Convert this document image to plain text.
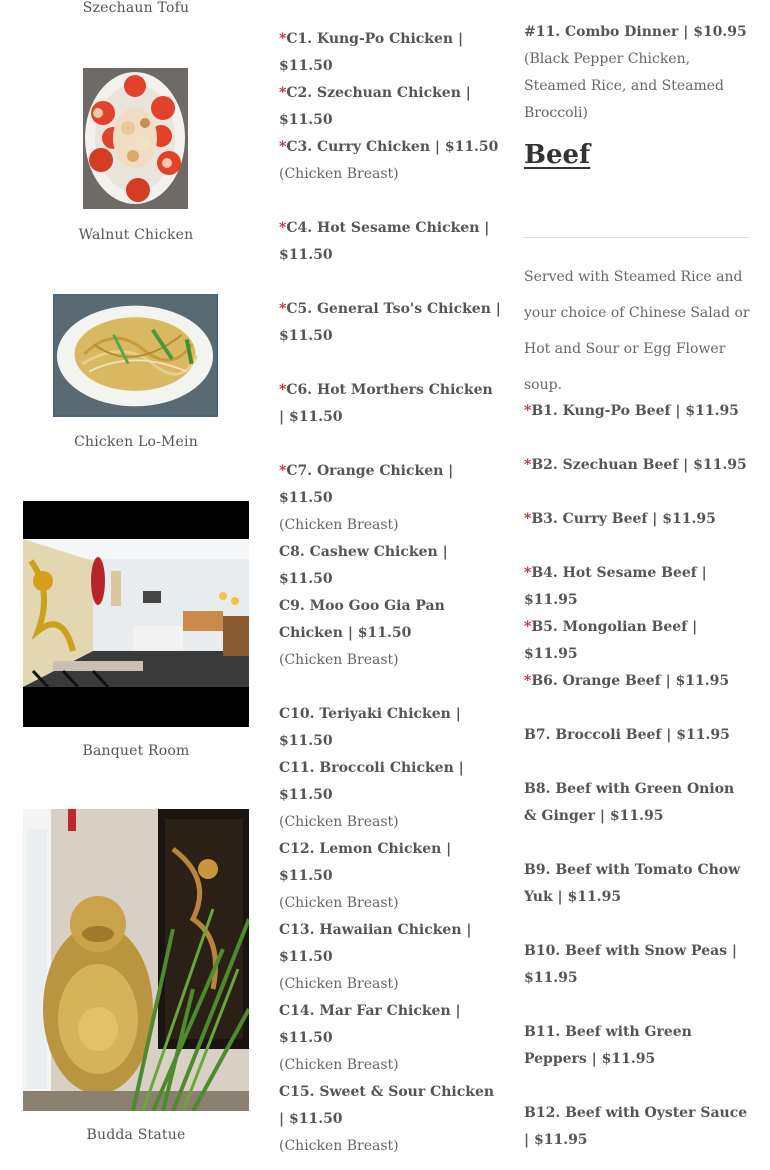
Szechaun Tofu
Walnut Chicken
Chicken Lo-Mein
Banquet Room
Budda Statue
*C1. Kung-Po Chicken | $11.50
*C2. Szechuan Chicken | $11.50
*C3. Curry Chicken | $11.50
(Chicken Breast)
*C4. Hot Sesame Chicken | $11.50
*C5. General Tso's Chicken | $11.50
*C6. Hot Morthers Chicken | $11.50
*C7. Orange Chicken | $11.50
(Chicken Breast)
C8. Cashew Chicken | $11.50
C9. Moo Goo Gia Pan Chicken | $11.50
(Chicken Breast)
C10. Teriyaki Chicken | $11.50
C11. Broccoli Chicken | $11.50
(Chicken Breast)
C12. Lemon Chicken | $11.50
(Chicken Breast)
C13. Hawaiian Chicken | $11.50
(Chicken Breast)
C14. Mar Far Chicken | $11.50
(Chicken Breast)
C15. Sweet & Sour Chicken | $11.50
(Chicken Breast)
#11. Combo Dinner | $10.95
(Black Pepper Chicken, Steamed Rice, and Steamed Broccoli)
Beef
Served with Steamed Rice and your choice of Chinese Salad or Hot and Sour or Egg Flower soup.
*B1. Kung-Po Beef | $11.95
*B2. Szechuan Beef | $11.95
*B3. Curry Beef | $11.95
*B4. Hot Sesame Beef | $11.95
*B5. Mongolian Beef | $11.95
*B6. Orange Beef | $11.95
B7. Broccoli Beef | $11.95
B8. Beef with Green Onion & Ginger | $11.95
B9. Beef with Tomato Chow Yuk | $11.95
B10. Beef with Snow Peas | $11.95
B11. Beef with Green Peppers | $11.95
B12. Beef with Oyster Sauce | $11.95
